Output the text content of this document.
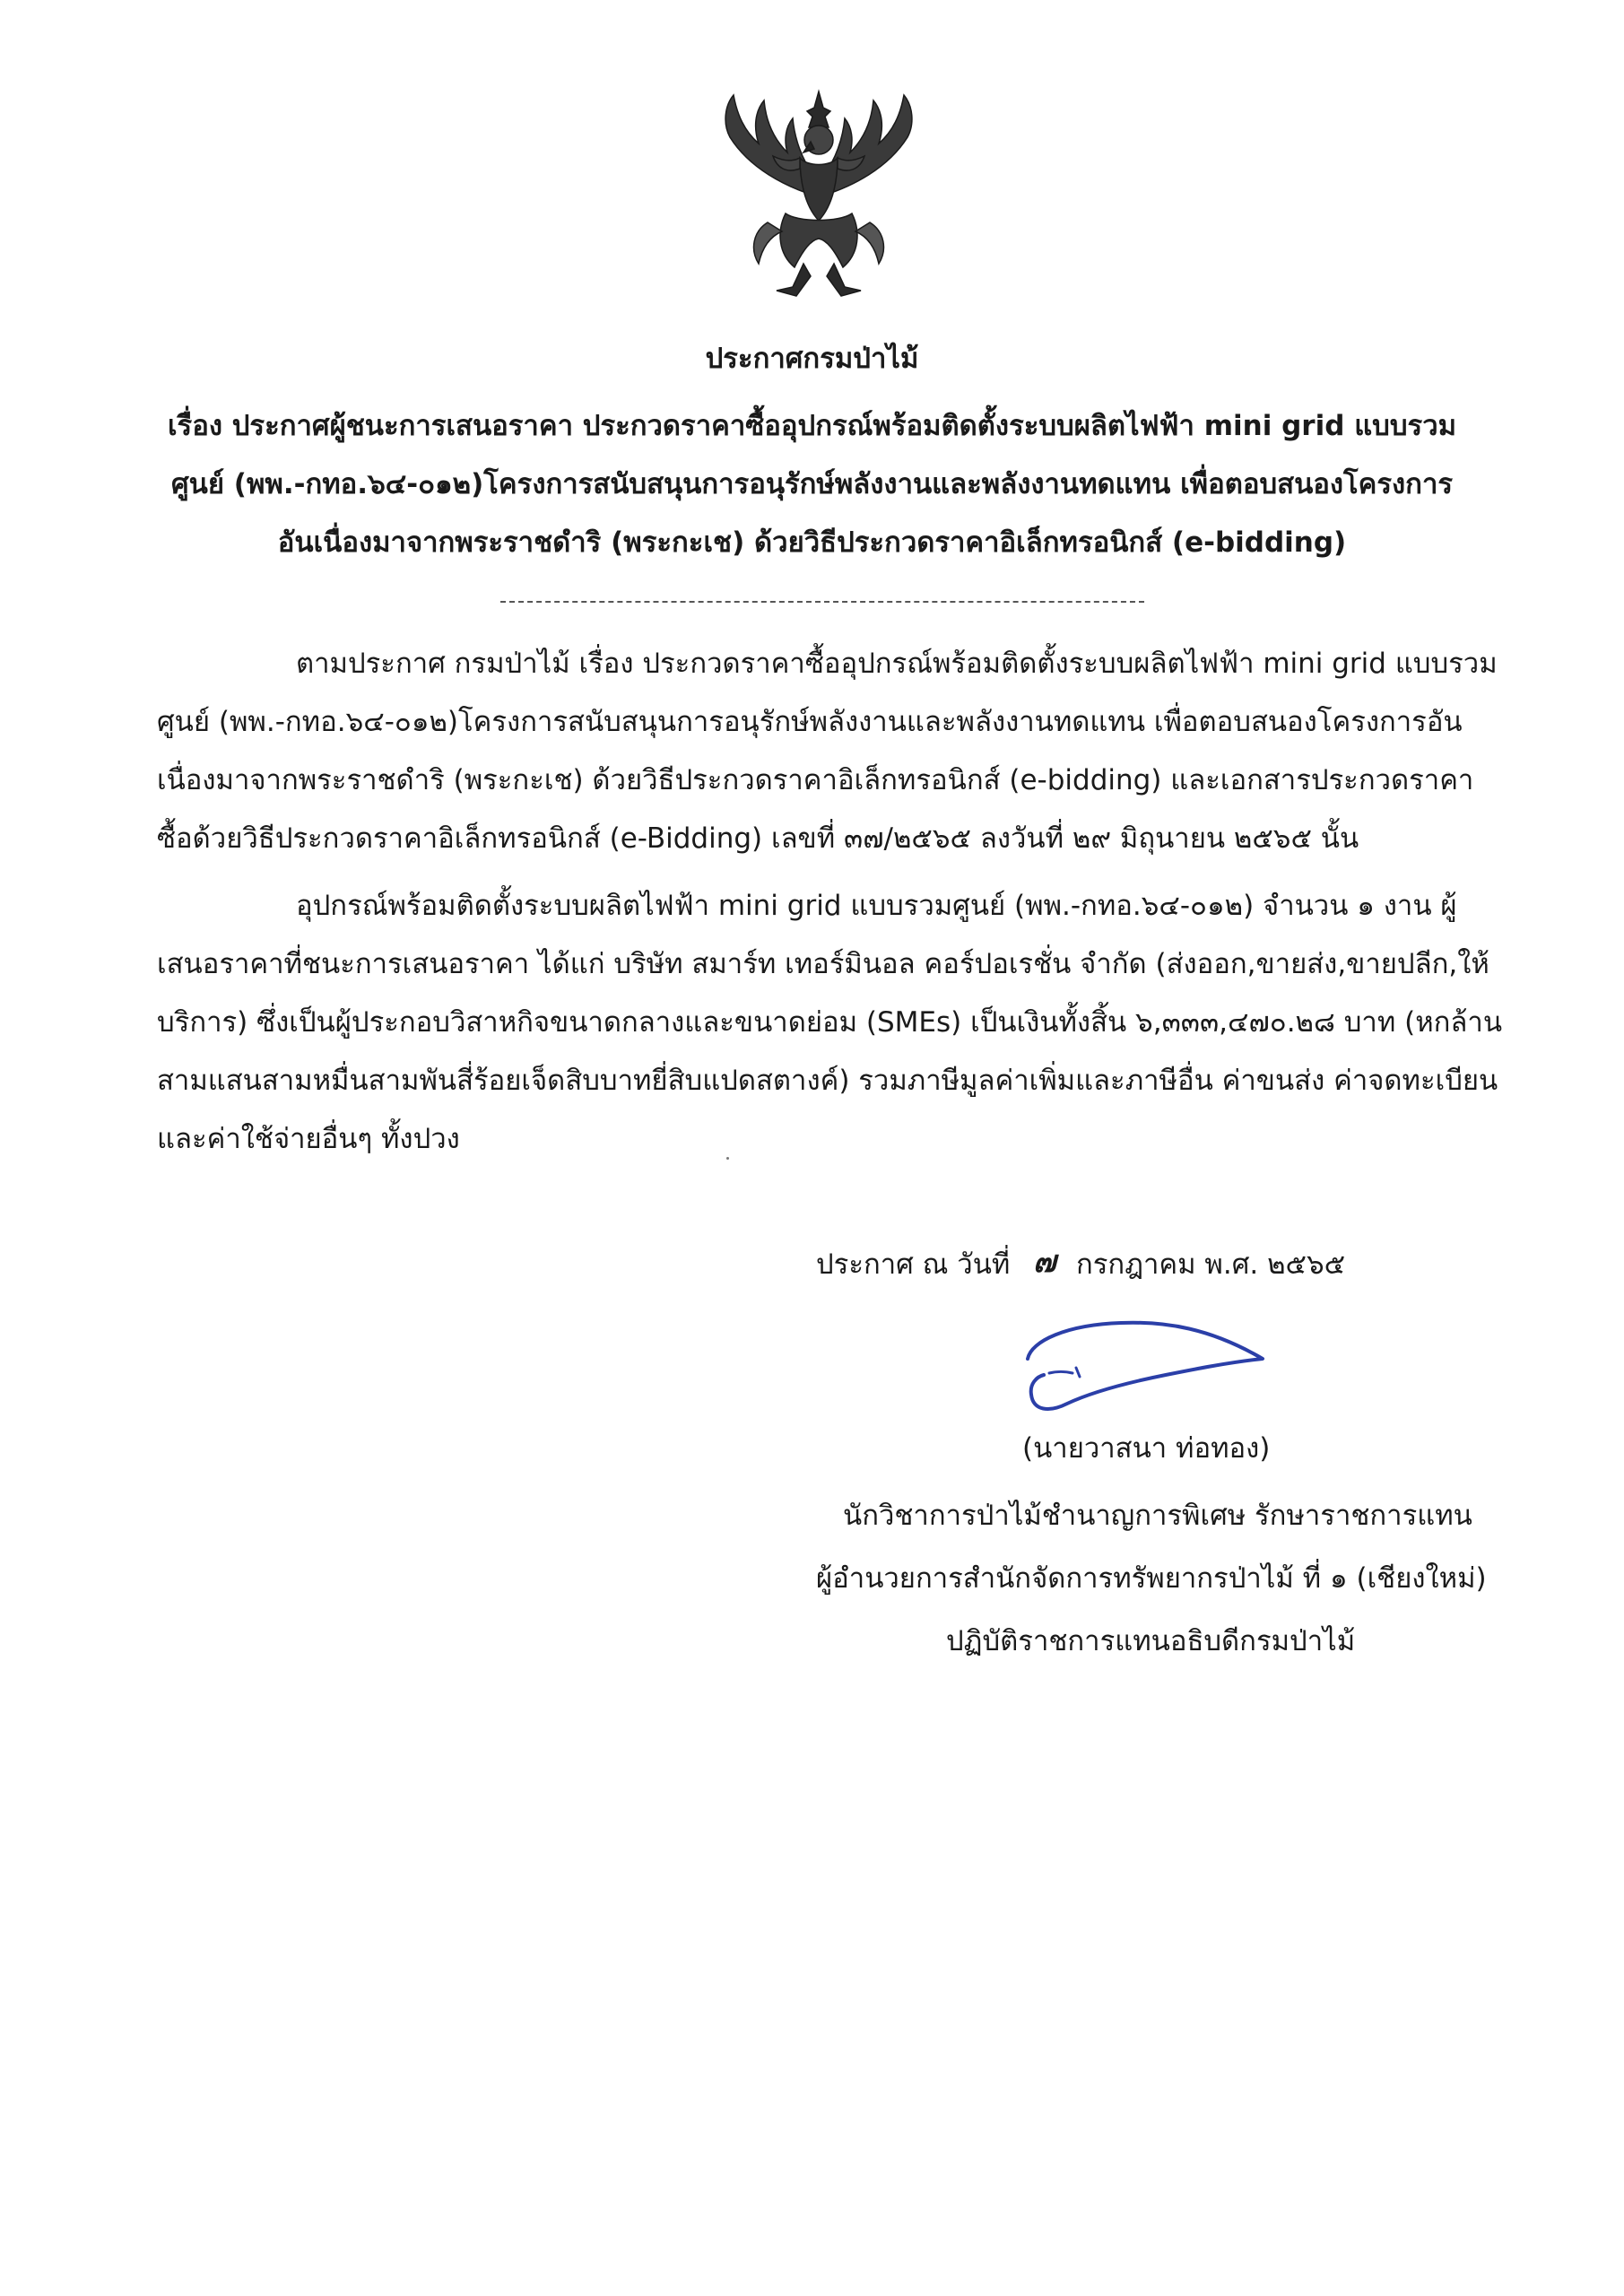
ประกาศกรมป่าไม้
เรื่อง ประกาศผู้ชนะการเสนอราคา ประกวดราคาซื้ออุปกรณ์พร้อมติดตั้งระบบผลิตไฟฟ้า mini grid แบบรวม
ศูนย์ (พพ.-กทอ.๖๔-๐๑๒)โครงการสนับสนุนการอนุรักษ์พลังงานและพลังงานทดแทน เพื่อตอบสนองโครงการ
อันเนื่องมาจากพระราชดำริ (พระกะเช) ด้วยวิธีประกวดราคาอิเล็กทรอนิกส์ (e-bidding)
ตามประกาศ กรมป่าไม้ เรื่อง ประกวดราคาซื้ออุปกรณ์พร้อมติดตั้งระบบผลิตไฟฟ้า mini grid แบบรวม
ศูนย์ (พพ.-กทอ.๖๔-๐๑๒)โครงการสนับสนุนการอนุรักษ์พลังงานและพลังงานทดแทน เพื่อตอบสนองโครงการอัน
เนื่องมาจากพระราชดำริ (พระกะเช) ด้วยวิธีประกวดราคาอิเล็กทรอนิกส์ (e-bidding) และเอกสารประกวดราคา
ซื้อด้วยวิธีประกวดราคาอิเล็กทรอนิกส์ (e-Bidding) เลขที่ ๓๗/๒๕๖๕ ลงวันที่ ๒๙ มิถุนายน ๒๕๖๕ นั้น
อุปกรณ์พร้อมติดตั้งระบบผลิตไฟฟ้า mini grid แบบรวมศูนย์ (พพ.-กทอ.๖๔-๐๑๒) จำนวน ๑ งาน ผู้
เสนอราคาที่ชนะการเสนอราคา ได้แก่ บริษัท สมาร์ท เทอร์มินอล คอร์ปอเรชั่น จำกัด (ส่งออก,ขายส่ง,ขายปลีก,ให้
บริการ) ซึ่งเป็นผู้ประกอบวิสาหกิจขนาดกลางและขนาดย่อม (SMEs) เป็นเงินทั้งสิ้น ๖,๓๓๓,๔๗๐.๒๘ บาท (หกล้าน
สามแสนสามหมื่นสามพันสี่ร้อยเจ็ดสิบบาทยี่สิบแปดสตางค์) รวมภาษีมูลค่าเพิ่มและภาษีอื่น ค่าขนส่ง ค่าจดทะเบียน
และค่าใช้จ่ายอื่นๆ ทั้งปวง
ประกาศ ณ วันที่ ๗ กรกฎาคม พ.ศ. ๒๕๖๕
(นายวาสนา ท่อทอง)
นักวิชาการป่าไม้ชำนาญการพิเศษ รักษาราชการแทน
ผู้อำนวยการสำนักจัดการทรัพยากรป่าไม้ ที่ ๑ (เชียงใหม่)
ปฏิบัติราชการแทนอธิบดีกรมป่าไม้
